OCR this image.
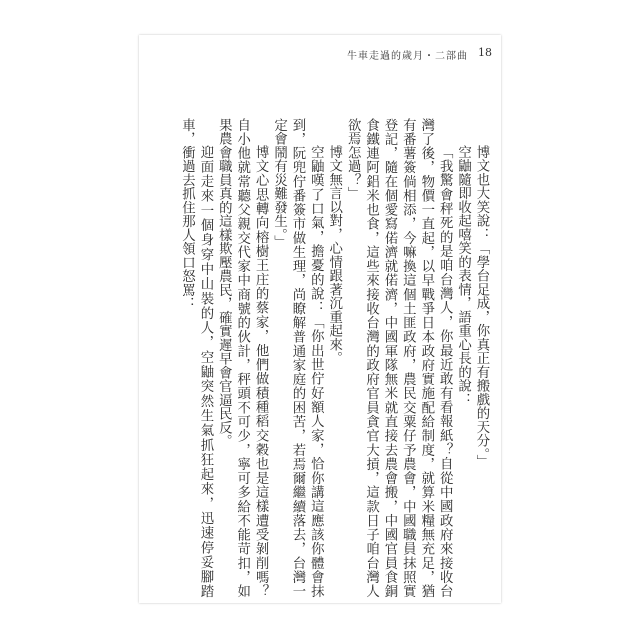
牛車走過的歲月・二部曲 18

博文也大笑說：「學台足成，你真正有搬戲的天分。」

空鼬隨即收起嘻笑的表情，語重心長的說：

「我驚會秤死的是咱台灣人，你最近敢有看報紙？自從中國政府來接收台灣了後，物價一直起，以早戰爭日本政府實施配給制度，就算米糧無充足，猶有番薯簽倘相添，今嘛換這個土匪政府，農民交粟仔予農會，中國職員抹照實登記，隨在個愛寫偌濟就偌濟，中國軍隊無米就直接去農會搬，中國官員食銅食鐵連阿鋁米也食，這些來接收台灣的政府官員貪官大摃，這款日子咱台灣人欲焉怎過？」

博文無言以對，心情跟著沉重起來。

空鼬嘆了口氣，擔憂的說：「你出世佇好額人家，恰你講這應該你體會抹到，阮兜佇番簽市做生理，尚瞭解普通家庭的困苦，若焉爾繼續落去，台灣一定會鬧有災難發生。」

博文心思轉向榕樹王庄的蔡家，他們做積種稻交穀也是這樣遭受剝削嗎？自小他就常聽父親交代家中商號的伙計，秤頭不可少，寧可多給不能苛扣，如果農會職員真的這樣欺壓農民，確實遲早會官逼民反。

迎面走來一個身穿中山裝的人，空鼬突然生氣抓狂起來，迅速停妥腳踏車，衝過去抓住那人領口怒罵：
